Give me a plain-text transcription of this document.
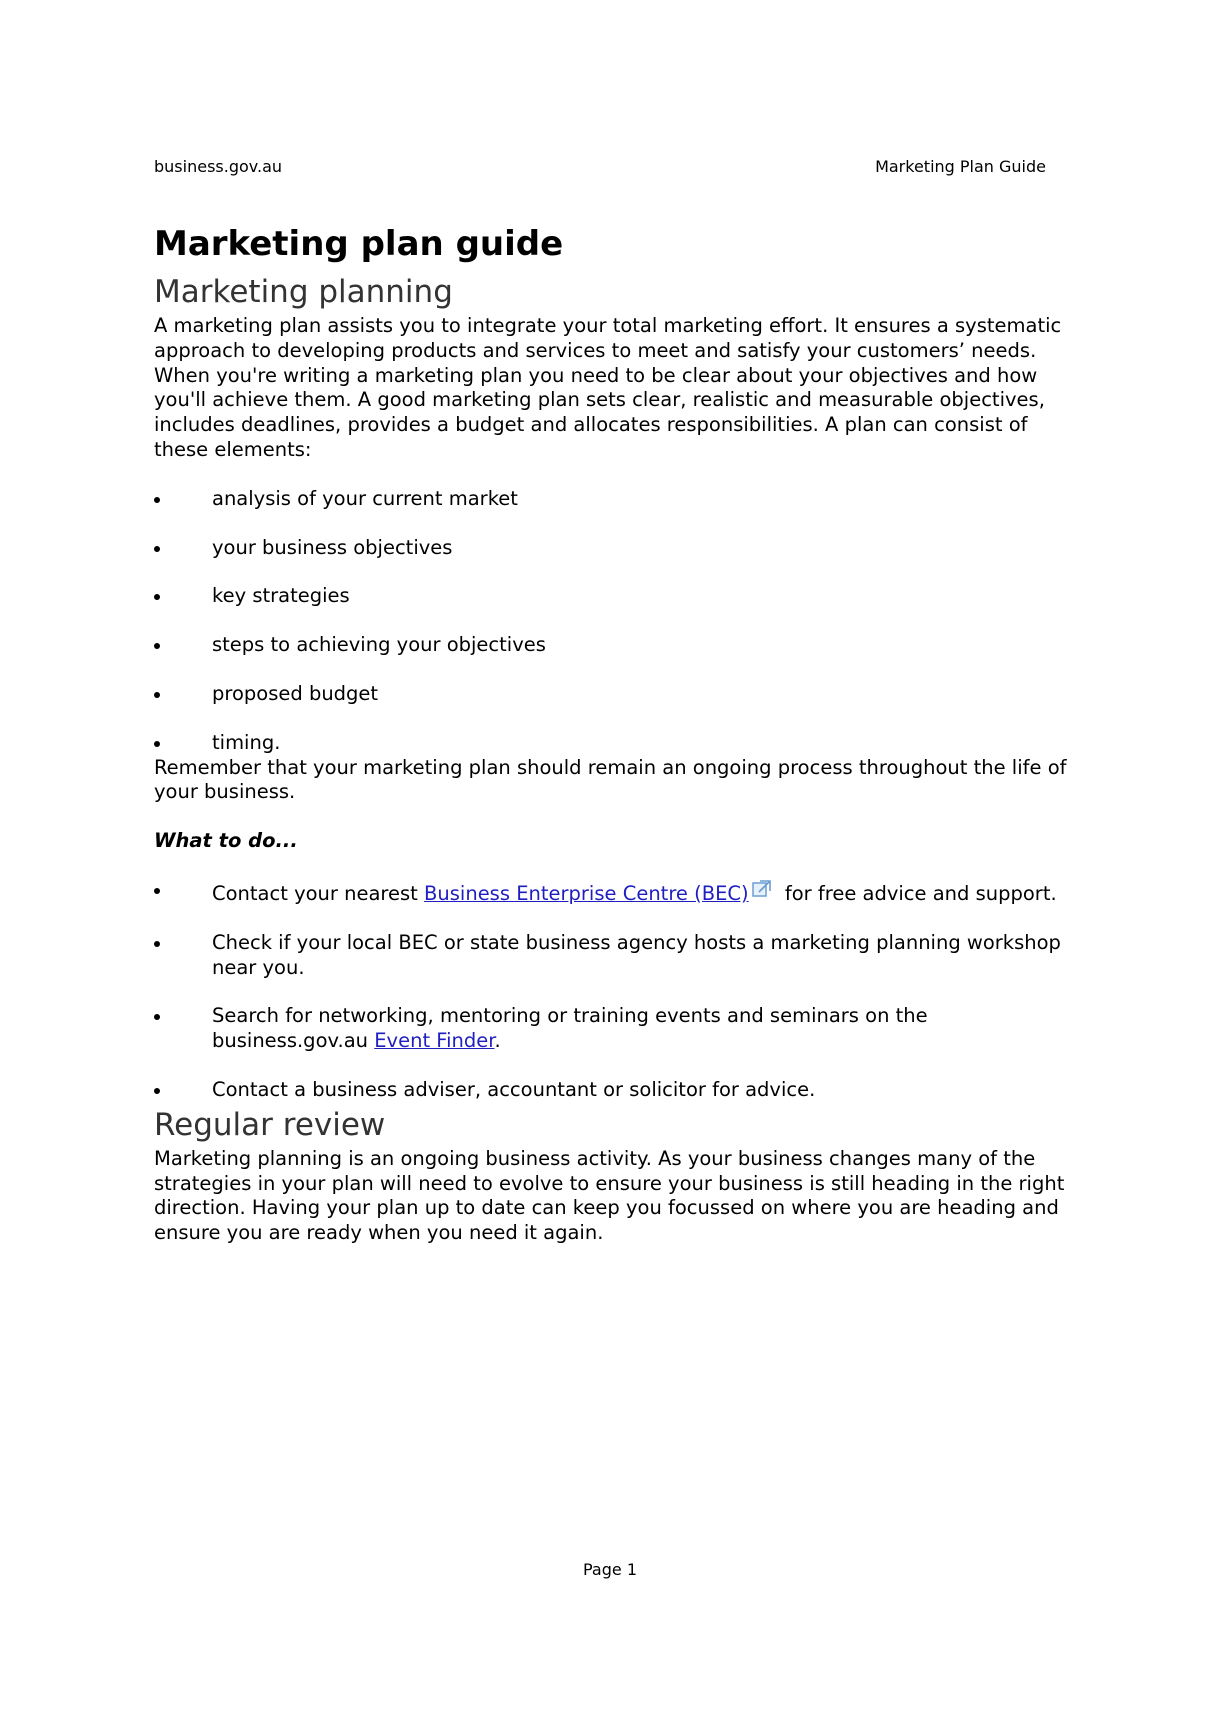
business.gov.au	Marketing Plan Guide
Marketing plan guide
Marketing planning

A marketing plan assists you to integrate your total marketing effort. It ensures a systematic approach to developing products and services to meet and satisfy your customers’ needs.

When you're writing a marketing plan you need to be clear about your objectives and how you'll achieve them. A good marketing plan sets clear, realistic and measurable objectives, includes deadlines, provides a budget and allocates responsibilities. A plan can consist of these elements:

analysis of your current market
your business objectives
key strategies
steps to achieving your objectives
proposed budget
timing.

Remember that your marketing plan should remain an ongoing process throughout the life of your business.

What to do...

Contact your nearest Business Enterprise Centre (BEC) for free advice and support.
Check if your local BEC or state business agency hosts a marketing planning workshop near you.
Search for networking, mentoring or training events and seminars on the business.gov.au Event Finder.
Contact a business adviser, accountant or solicitor for advice.
Regular review

Marketing planning is an ongoing business activity. As your business changes many of the strategies in your plan will need to evolve to ensure your business is still heading in the right direction. Having your plan up to date can keep you focussed on where you are heading and ensure you are ready when you need it again.

Page 1
